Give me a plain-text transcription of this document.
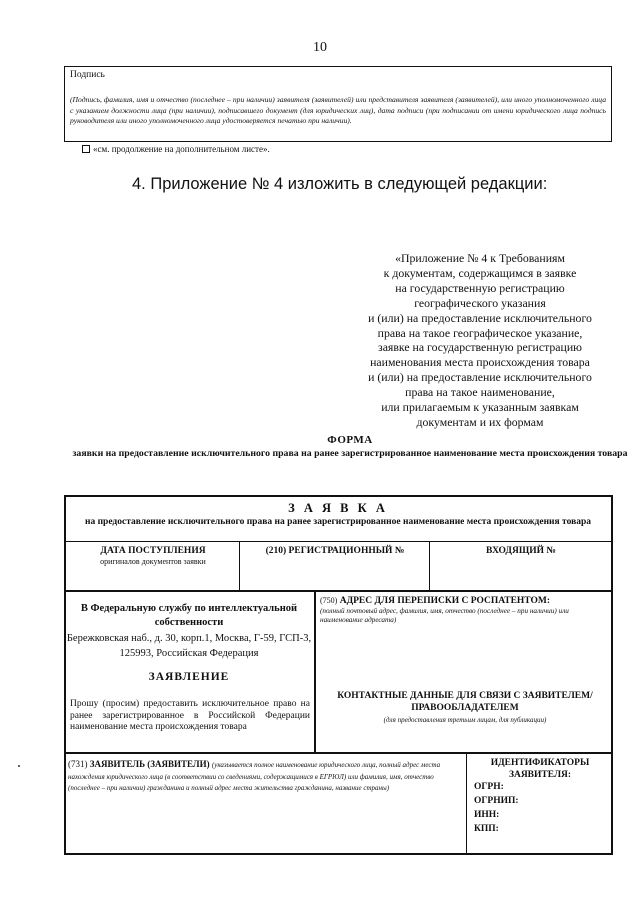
10
Подпись
(Подпись, фамилия, имя и отчество (последнее – при наличии) заявителя (заявителей) или представителя заявителя (заявителей), или иного уполномоченного лица с указанием должности лица (при наличии), подписавшего документ (для юридических лиц), дата подписи (при подписании от имени юридического лица подпись руководителя или иного уполномоченного лица удостоверяется печатью при наличии).
«см. продолжение на дополнительном листе».
4. Приложение № 4 изложить в следующей редакции:
«Приложение № 4 к Требованиям
к документам, содержащимся в заявке
на государственную регистрацию
географического указания
и (или) на предоставление исключительного
права на такое географическое указание,
заявке на государственную регистрацию
наименования места происхождения товара
и (или) на предоставление исключительного
права на такое наименование,
или прилагаемым к указанным заявкам
документам и их формам
ФОРМА
заявки на предоставление исключительного права на ранее зарегистрированное наименование места происхождения товара
З А Я В К А
на предоставление исключительного права на ранее зарегистрированное наименование места происхождения товара
ДАТА ПОСТУПЛЕНИЯ
оригиналов документов заявки
(210) РЕГИСТРАЦИОННЫЙ №	ВХОДЯЩИЙ №
В Федеральную службу по интеллектуальной собственности
Бережковская наб., д. 30, корп.1, Москва, Г-59, ГСП-3, 125993, Российская Федерация
ЗАЯВЛЕНИЕ
Прошу (просим) предоставить исключительное право на ранее зарегистрированное в Российской Федерации наименование места происхождения товара
(750) АДРЕС ДЛЯ ПЕРЕПИСКИ С РОСПАТЕНТОМ:
(полный почтовый адрес, фамилия, имя, отчество (последнее – при наличии) или наименование адресата)
КОНТАКТНЫЕ ДАННЫЕ ДЛЯ СВЯЗИ С ЗАЯВИТЕЛЕМ/ПРАВООБЛАДАТЕЛЕМ
(для предоставления третьим лицам, для публикации)
(731) ЗАЯВИТЕЛЬ (ЗАЯВИТЕЛИ) (указывается полное наименование юридического лица, полный адрес места нахождения юридического лица (в соответствии со сведениями, содержащимися в ЕГРЮЛ) или фамилия, имя, отчество (последнее – при наличии) гражданина и полный адрес места жительства гражданина, название страны)
ИДЕНТИФИКАТОРЫ ЗАЯВИТЕЛЯ:
ОГРН:
ОГРНИП:
ИНН:
КПП:
